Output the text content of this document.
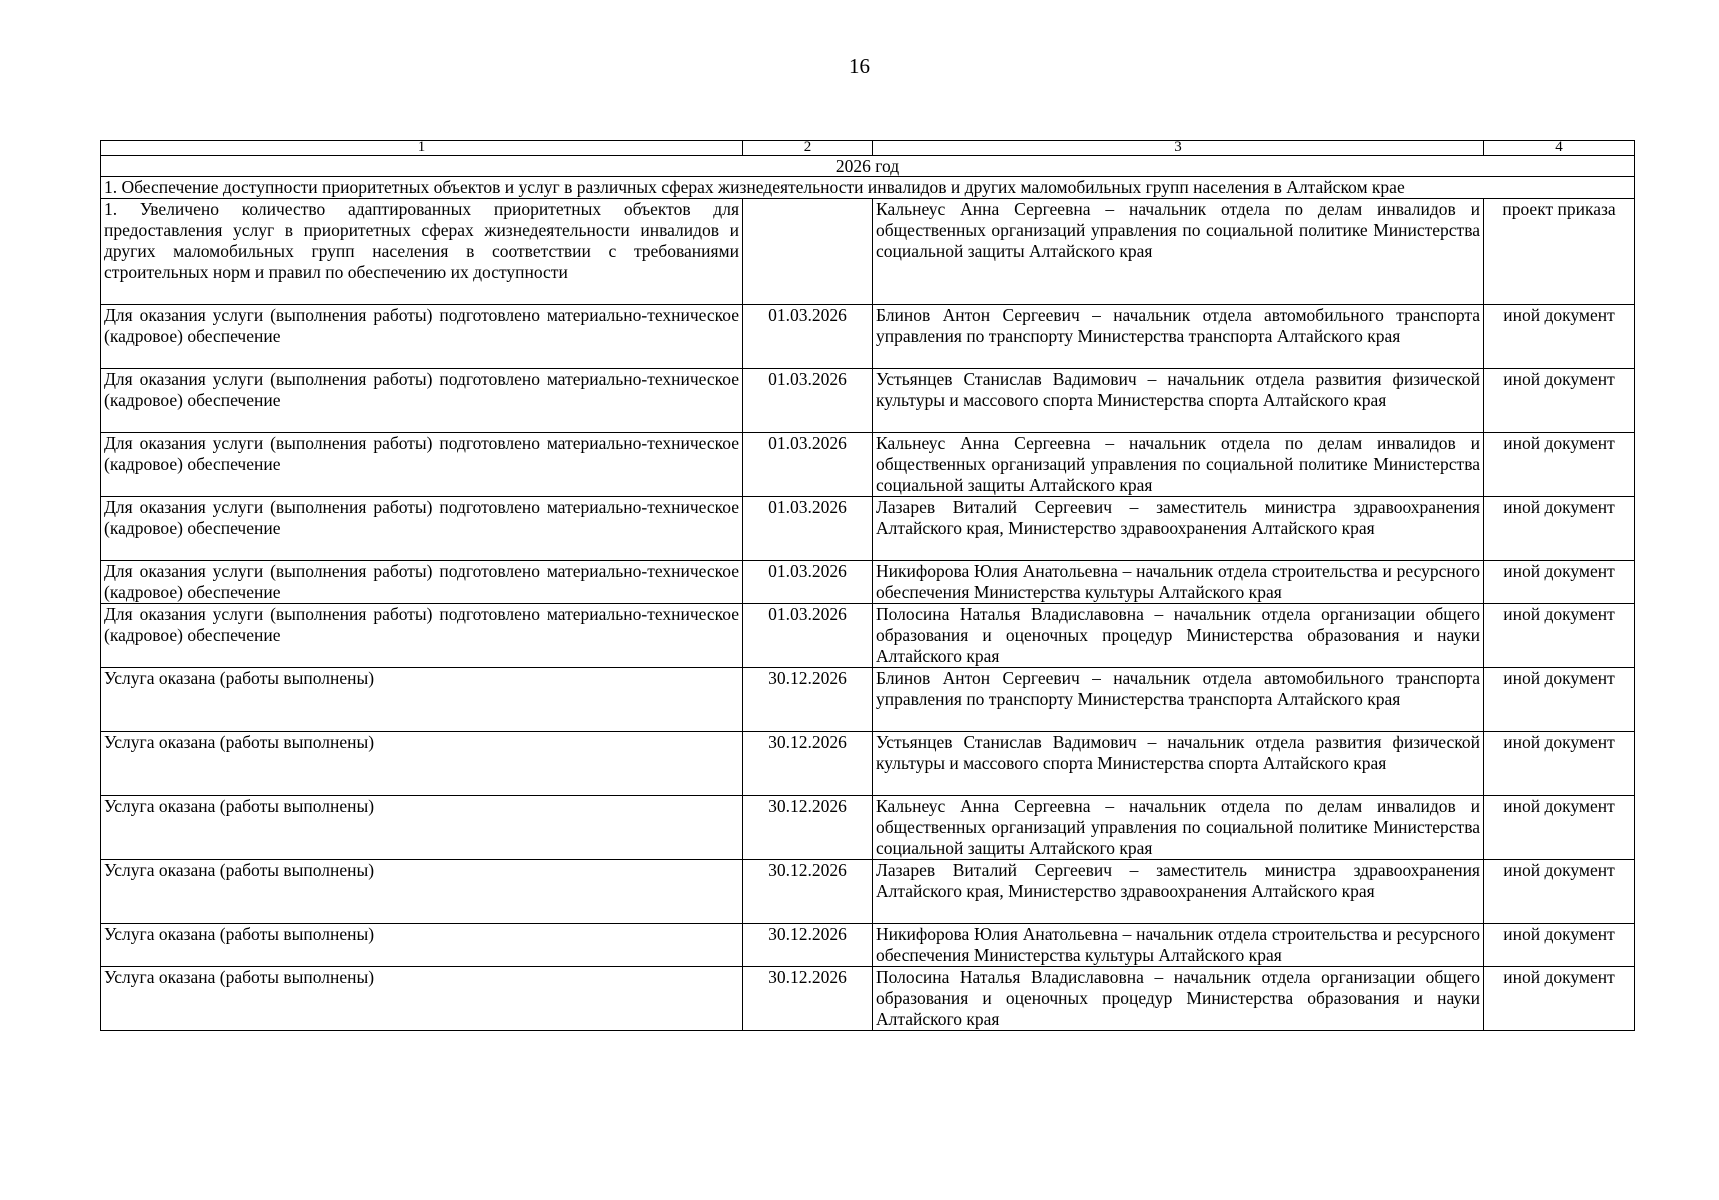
16
1	2	3	4
2026 год			
1. Обеспечение доступности приоритетных объектов и услуг в различных сферах жизнедеятельности инвалидов и других маломобильных групп населения в Алтайском крае			
1. Увеличено количество адаптированных приоритетных объектов для предоставления услуг в приоритетных сферах жизнедеятельности инвалидов и других маломобильных групп населения в соответствии с требованиями строительных норм и правил по обеспечению их доступности		Кальнеус Анна Сергеевна – начальник отдела по делам инвалидов и общественных организаций управления по социальной политике Министерства социальной защиты Алтайского края	проект приказа
Для оказания услуги (выполнения работы) подготовлено материально-техническое (кадровое) обеспечение	01.03.2026	Блинов Антон Сергеевич – начальник отдела автомобильного транспорта управления по транспорту Министерства транспорта Алтайского края	иной документ
Для оказания услуги (выполнения работы) подготовлено материально-техническое (кадровое) обеспечение	01.03.2026	Устьянцев Станислав Вадимович – начальник отдела развития физической культуры и массового спорта Министерства спорта Алтайского края	иной документ
Для оказания услуги (выполнения работы) подготовлено материально-техническое (кадровое) обеспечение	01.03.2026	Кальнеус Анна Сергеевна – начальник отдела по делам инвалидов и общественных организаций управления по социальной политике Министерства социальной защиты Алтайского края	иной документ
Для оказания услуги (выполнения работы) подготовлено материально-техническое (кадровое) обеспечение	01.03.2026	Лазарев Виталий Сергеевич – заместитель министра здравоохранения Алтайского края, Министерство здравоохранения Алтайского края	иной документ
Для оказания услуги (выполнения работы) подготовлено материально-техническое (кадровое) обеспечение	01.03.2026	Никифорова Юлия Анатольевна – начальник отдела строительства и ресурсного обеспечения Министерства культуры Алтайского края	иной документ
Для оказания услуги (выполнения работы) подготовлено материально-техническое (кадровое) обеспечение	01.03.2026	Полосина Наталья Владиславовна – начальник отдела организации общего образования и оценочных процедур Министерства образования и науки Алтайского края	иной документ
Услуга оказана (работы выполнены)	30.12.2026	Блинов Антон Сергеевич – начальник отдела автомобильного транспорта управления по транспорту Министерства транспорта Алтайского края	иной документ
Услуга оказана (работы выполнены)	30.12.2026	Устьянцев Станислав Вадимович – начальник отдела развития физической культуры и массового спорта Министерства спорта Алтайского края	иной документ
Услуга оказана (работы выполнены)	30.12.2026	Кальнеус Анна Сергеевна – начальник отдела по делам инвалидов и общественных организаций управления по социальной политике Министерства социальной защиты Алтайского края	иной документ
Услуга оказана (работы выполнены)	30.12.2026	Лазарев Виталий Сергеевич – заместитель министра здравоохранения Алтайского края, Министерство здравоохранения Алтайского края	иной документ
Услуга оказана (работы выполнены)	30.12.2026	Никифорова Юлия Анатольевна – начальник отдела строительства и ресурсного обеспечения Министерства культуры Алтайского края	иной документ
Услуга оказана (работы выполнены)	30.12.2026	Полосина Наталья Владиславовна – начальник отдела организации общего образования и оценочных процедур Министерства образования и науки Алтайского края	иной документ
